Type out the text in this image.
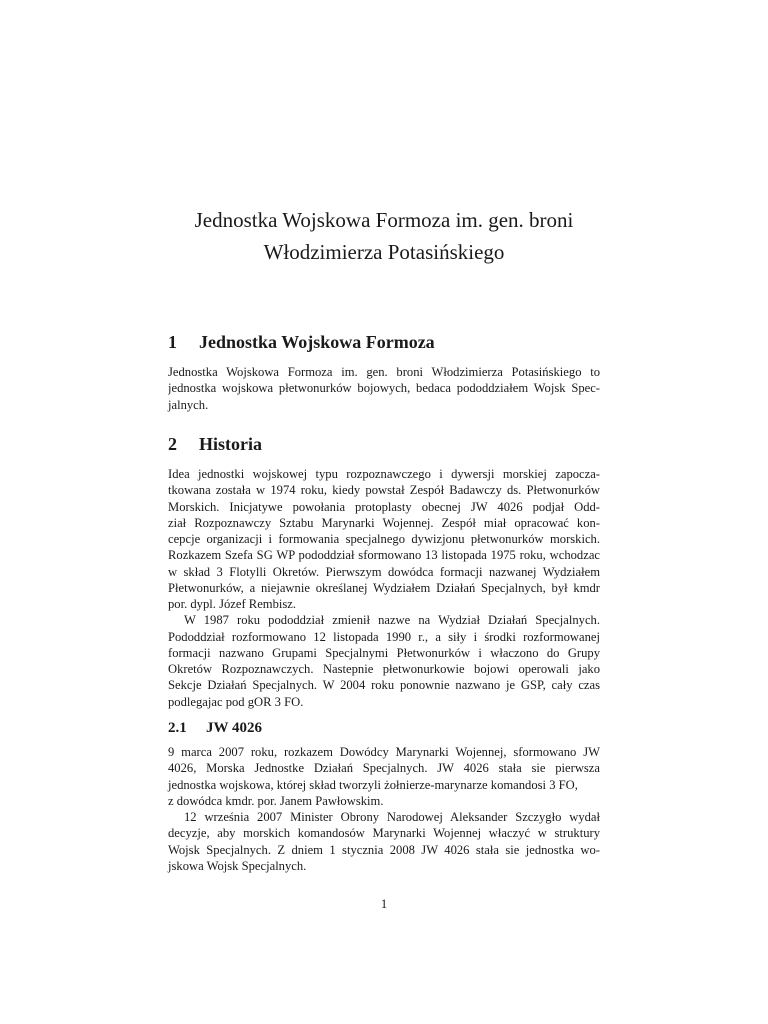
Jednostka Wojskowa Formoza im. gen. broni
Włodzimierza Potasińskiego
1 Jednostka Wojskowa Formoza
Jednostka Wojskowa Formoza im. gen. broni Włodzimierza Potasińskiego to
jednostka wojskowa płetwonurków bojowych, bedaca pododdziałem Wojsk Spec-
jalnych.
2 Historia
Idea jednostki wojskowej typu rozpoznawczego i dywersji morskiej zapocza-
tkowana została w 1974 roku, kiedy powstał Zespół Badawczy ds. Płetwonurków
Morskich. Inicjatywe powołania protoplasty obecnej JW 4026 podjał Odd-
ział Rozpoznawczy Sztabu Marynarki Wojennej. Zespół miał opracować kon-
cepcje organizacji i formowania specjalnego dywizjonu płetwonurków morskich.
Rozkazem Szefa SG WP pododdział sformowano 13 listopada 1975 roku, wchodzac
w skład 3 Flotylli Okretów. Pierwszym dowódca formacji nazwanej Wydziałem
Płetwonurków, a niejawnie określanej Wydziałem Działań Specjalnych, był kmdr
por. dypl. Józef Rembisz.
W 1987 roku pododdział zmienił nazwe na Wydział Działań Specjalnych.
Pododdział rozformowano 12 listopada 1990 r., a siły i środki rozformowanej
formacji nazwano Grupami Specjalnymi Płetwonurków i właczono do Grupy
Okretów Rozpoznawczych. Nastepnie płetwonurkowie bojowi operowali jako
Sekcje Działań Specjalnych. W 2004 roku ponownie nazwano je GSP, cały czas
podlegajac pod gOR 3 FO.
2.1 JW 4026
9 marca 2007 roku, rozkazem Dowódcy Marynarki Wojennej, sformowano JW
4026, Morska Jednostke Działań Specjalnych. JW 4026 stała sie pierwsza
jednostka wojskowa, której skład tworzyli żołnierze-marynarze komandosi 3 FO,
z dowódca kmdr. por. Janem Pawłowskim.
12 września 2007 Minister Obrony Narodowej Aleksander Szczygło wydał
decyzje, aby morskich komandosów Marynarki Wojennej właczyć w struktury
Wojsk Specjalnych. Z dniem 1 stycznia 2008 JW 4026 stała sie jednostka wo-
jskowa Wojsk Specjalnych.
1
